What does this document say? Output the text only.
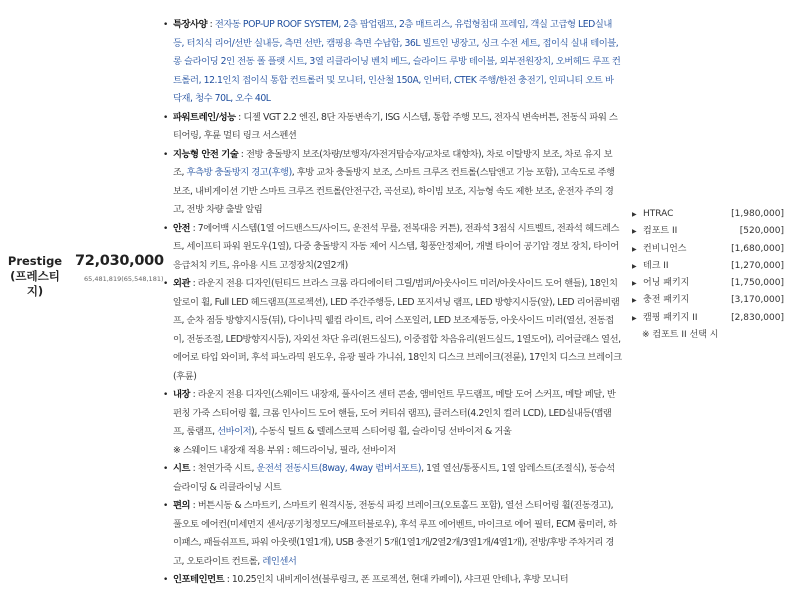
Prestige
(프레스티지)
72,030,000
65,481,819(65,548,181)
• 특장사양 : 전자동 POP-UP ROOF SYSTEM, 2층 팝업램프, 2층 매트리스, 유럽형침대 프레임, 객실 고급형 LED실내등, 터치식 리어/선반 실내등, 측면 선반, 캠핑용 측면 수납함, 36L 빌트인 냉장고, 싱크 수전 세트, 접이식 실내 테이블, 롱 슬라이딩 2인 전동 폴 플랫 시트, 3열 리클라이닝 벤치 베드, 슬라이드 루방 테이블, 외부전원장치, 오버헤드 루프 컨트롤러, 12.1인치 접이식 통합 컨트롤러 및 모니터, 인산철 150A, 인버터, CTEK 주행/한전 충전기, 인피니티 오트 바닥재, 청수 70L, 오수 40L
• 파워트레인/성능 : 디젤 VGT 2.2 엔진, 8단 자동변속기, ISG 시스템, 통합 주행 모드, 전자식 변속버튼, 전동식 파워 스티어링, 후륜 멀티 링크 서스펜션
• 지능형 안전 기술 : 전방 충돌방지 보조(차량/보행자/자전거탑승자/교차로 대향차), 차로 이탈방지 보조, 차로 유지 보조, 후측방 충돌방지 경고(후행), 후방 교차 충돌방지 보조, 스마트 크루즈 컨트롤(스탑앤고 기능 포함), 고속도로 주행 보조, 내비게이션 기반 스마트 크루즈 컨트롤(안전구간, 곡선로), 하이빔 보조, 지능형 속도 제한 보조, 운전자 주의 경고, 전방 차량 출발 알림
• 안전 : 7에어백 시스템(1열 어드밴스드/사이드, 운전석 무릎, 전복대응 커튼), 전좌석 3점식 시트벨트, 전좌석 헤드레스트, 세이프티 파워 윈도우(1열), 다중 충돌방지 자동 제어 시스템, 횡풍안정제어, 개별 타이어 공기압 경보 장치, 타이어 응급처치 키트, 유아용 시트 고정장치(2열2개)
• 외관 : 라운지 전용 디자인(틴티드 브라스 크롬 라디에이터 그릴/범퍼/아웃사이드 미러/아웃사이드 도어 핸들), 18인치 알로이 휠, Full LED 헤드램프(프로젝션), LED 주간주행등, LED 포지셔닝 램프, LED 방향지시등(앞), LED 리어콤비램프, 순차 점등 방향지시등(뒤), 다이나믹 웰컴 라이트, 리어 스포일러, LED 보조제동등, 아웃사이드 미러(열선, 전동접이, 전동조절, LED방향지시등), 자외선 차단 유리(윈드실드), 이중접합 차음유리(윈드실드, 1열도어), 리어글래스 열선, 에어로 타입 와이퍼, 후석 파노라믹 윈도우, 유광 필라 가니쉬, 18인치 디스크 브레이크(전륜), 17인치 디스크 브레이크(후륜)
• 내장 : 라운지 전용 디자인(스웨이드 내장재, 풀사이즈 센터 콘솔, 앰비언트 무드램프, 메탈 도어 스커프, 메탈 페달, 반펀칭 가죽 스티어링 휠, 크롬 인사이드 도어 핸들, 도어 커티쉬 램프), 클러스터(4.2인치 컬러 LCD), LED실내등(맵램프, 룸램프, 선바이저), 수동식 틸트 & 텔레스코픽 스티어링 휠, 슬라이딩 선바이저 & 거울
※ 스웨이드 내장재 적용 부위 : 헤드라이닝, 필라, 선바이저
• 시트 : 천연가죽 시트, 운전석 전동시트(8way, 4way 럼버서포트), 1열 열선/통풍시트, 1열 암레스트(조절식), 동승석 슬라이딩 & 리클라이닝 시트
• 편의 : 버튼시동 & 스마트키, 스마트키 원격시동, 전동식 파킹 브레이크(오토홀드 포함), 열선 스티어링 휠(진동경고), 풀오토 에어컨(미세먼지 센서/공기청정모드/애프터블로우), 후석 루프 에어벤트, 마이크로 에어 필터, ECM 룸미러, 하이패스, 패들쉬프트, 파워 아웃렛(1열1개), USB 충전기 5개(1열1개/2열2개/3열1개/4열1개), 전방/후방 주차거리 경고, 오토라이트 컨트롤, 레인센서
• 인포테인먼트 : 10.25인치 내비게이션(블루링크, 폰 프로젝션, 현대 카페이), 샤크핀 안테나, 후방 모니터
▶ HTRAC	[1,980,000]
▶ 컴포트 II	[520,000]
▶ 컨비니언스	[1,680,000]
▶ 테크 II	[1,270,000]
▶ 어닝 패키지	[1,750,000]
▶ 충전 패키지	[3,170,000]
▶ 캠핑 패키지 II	[2,830,000]
※ 컴포트 II 선택 시
